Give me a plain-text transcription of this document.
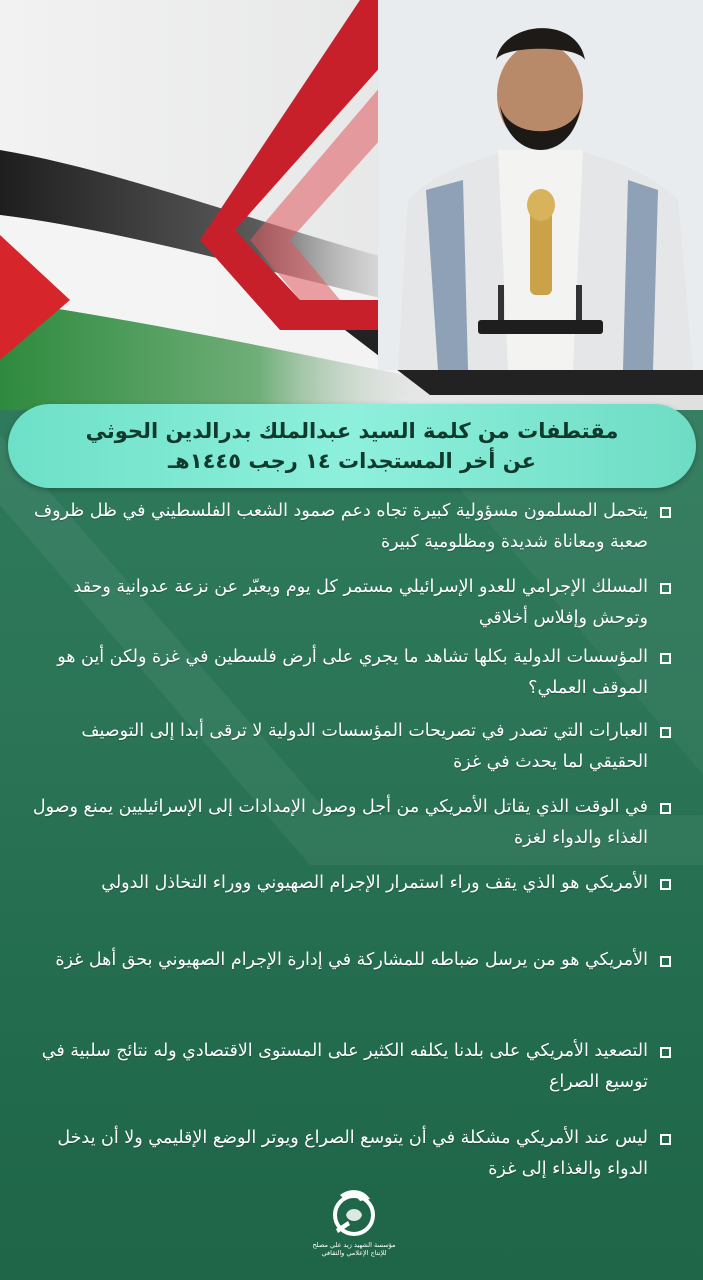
مقتطفات من كلمة السيد عبدالملك بدرالدين الحوثي
عن أخر المستجدات ١٤ رجب ١٤٤٥هـ
يتحمل المسلمون مسؤولية كبيرة تجاه دعم صمود الشعب الفلسطيني في ظل ظروف صعبة ومعاناة شديدة ومظلومية كبيرة
المسلك الإجرامي للعدو الإسرائيلي مستمر كل يوم ويعبّر عن نزعة عدوانية وحقد وتوحش وإفلاس أخلاقي
المؤسسات الدولية بكلها تشاهد ما يجري على أرض فلسطين في غزة ولكن أين هو الموقف العملي؟
العبارات التي تصدر في تصريحات المؤسسات الدولية لا ترقى أبدا إلى التوصيف الحقيقي لما يحدث في غزة
في الوقت الذي يقاتل الأمريكي من أجل وصول الإمدادات إلى الإسرائيليين يمنع وصول الغذاء والدواء لغزة
الأمريكي هو الذي يقف وراء استمرار الإجرام الصهيوني ووراء التخاذل الدولي
الأمريكي هو من يرسل ضباطه للمشاركة في إدارة الإجرام الصهيوني بحق أهل غزة
التصعيد الأمريكي على بلدنا يكلفه الكثير على المستوى الاقتصادي وله نتائج سلبية في توسيع الصراع
ليس عند الأمريكي مشكلة في أن يتوسع الصراع ويوتر الوضع الإقليمي ولا أن يدخل الدواء والغذاء إلى غزة
مؤسسة الشهيد زيد علي مصلح
للإنتاج الإعلامي والثقافي
